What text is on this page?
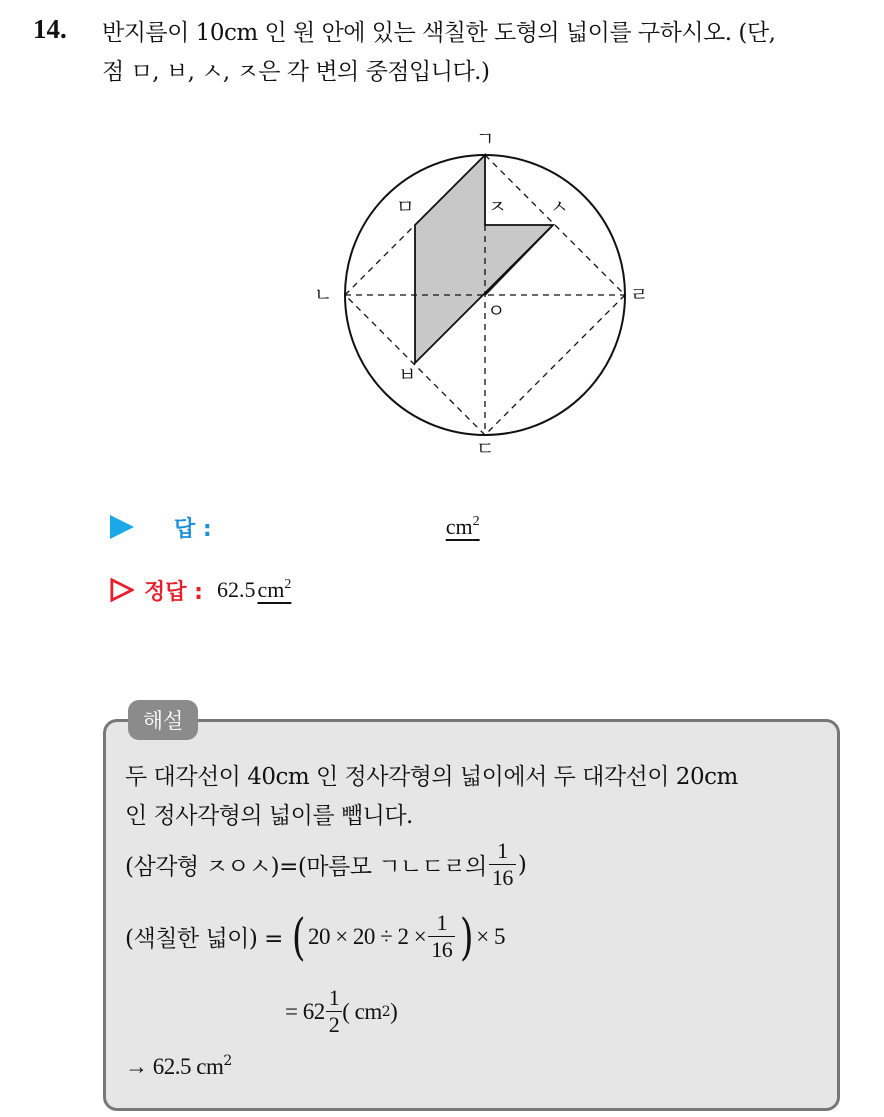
14. 반지름이 10cm 인 원 안에 있는 색칠한 도형의 넓이를 구하시오. (단,
점 ㅁ, ㅂ, ㅅ, ㅈ은 각 변의 중점입니다.)
ㄱ
ㄴ	ㄹ
ㄷ
ㅇ
ㅁ
ㅂ
ㅅ
ㅈ
답 :	$cm^2$
정답 : 62.5 $cm^2$
해설
두 대각선이 40cm 인 정사각형의 넓이에서 두 대각선이 20cm
인 정사각형의 넓이를 뺍니다.
(삼각형 ㅈㅇㅅ)=(마름모 ㄱㄴㄷㄹ의 $\frac{1}{16}$ )
(색칠한 넓이) = ( $20 \times 20 \div 2 \times \frac{1}{16}$ ) × 5
= $62 \frac{1}{2}$ ( cm 2 )
→ 62.5 $cm^2$
